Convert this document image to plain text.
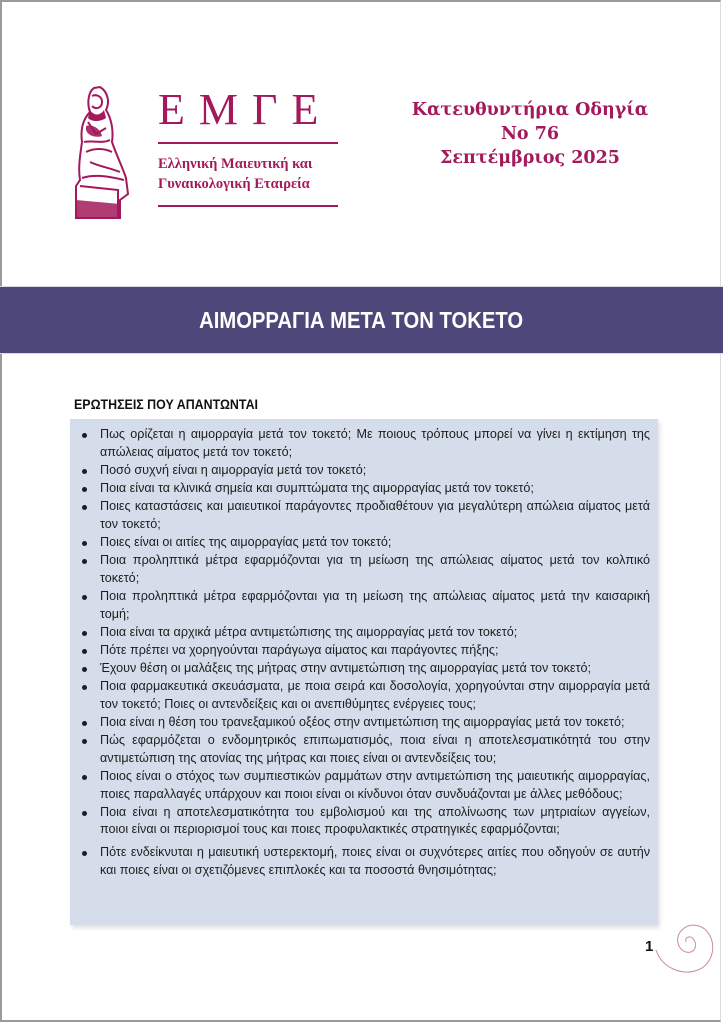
ΕΜΓΕ
Ελληνική Μαιευτική και
Γυναικολογική Εταιρεία
Κατευθυντήρια Οδηγία
Νο 76
Σεπτέμβριος 2025
ΑΙΜΟΡΡΑΓΙΑ ΜΕΤΑ ΤΟΝ ΤΟΚΕΤΟ
ΕΡΩΤΗΣΕΙΣ ΠΟΥ ΑΠΑΝΤΩΝΤΑΙ
Πως ορίζεται η αιμορραγία μετά τον τοκετό; Με ποιους τρόπους μπορεί να γίνει η εκτίμηση της απώλειας αίματος μετά τον τοκετό;
Ποσό συχνή είναι η αιμορραγία μετά τον τοκετό;
Ποια είναι τα κλινικά σημεία και συμπτώματα της αιμορραγίας μετά τον τοκετό;
Ποιες καταστάσεις και μαιευτικοί παράγοντες προδιαθέτουν για μεγαλύτερη απώλεια αίματος μετά τον τοκετό;
Ποιες είναι οι αιτίες της αιμορραγίας μετά τον τοκετό;
Ποια προληπτικά μέτρα εφαρμόζονται για τη μείωση της απώλειας αίματος μετά τον κολπικό τοκετό;
Ποια προληπτικά μέτρα εφαρμόζονται για τη μείωση της απώλειας αίματος μετά την καισαρική τομή;
Ποια είναι τα αρχικά μέτρα αντιμετώπισης της αιμορραγίας μετά τον τοκετό;
Πότε πρέπει να χορηγούνται παράγωγα αίματος και παράγοντες πήξης;
Έχουν θέση οι μαλάξεις της μήτρας στην αντιμετώπιση της αιμορραγίας μετά τον τοκετό;
Ποια φαρμακευτικά σκευάσματα, με ποια σειρά και δοσολογία, χορηγούνται στην αιμορραγία μετά τον τοκετό; Ποιες οι αντενδείξεις και οι ανεπιθύμητες ενέργειες τους;
Ποια είναι η θέση του τρανεξαμικού οξέος στην αντιμετώπιση της αιμορραγίας μετά τον τοκετό;
Πώς εφαρμόζεται ο ενδομητρικός επιπωματισμός, ποια είναι η αποτελεσματικότητά του στην αντιμετώπιση της ατονίας της μήτρας και ποιες είναι οι αντενδείξεις του;
Ποιος είναι ο στόχος των συμπιεστικών ραμμάτων στην αντιμετώπιση της μαιευτικής αιμορραγίας, ποιες παραλλαγές υπάρχουν και ποιοι είναι οι κίνδυνοι όταν συνδυάζονται με άλλες μεθόδους;
Ποια είναι η αποτελεσματικότητα του εμβολισμού και της απολίνωσης των μητριαίων αγγείων, ποιοι είναι οι περιορισμοί τους και ποιες προφυλακτικές στρατηγικές εφαρμόζονται;
Πότε ενδείκνυται η μαιευτική υστερεκτομή, ποιες είναι οι συχνότερες αιτίες που οδηγούν σε αυτήν και ποιες είναι οι σχετιζόμενες επιπλοκές και τα ποσοστά θνησιμότητας;
1
